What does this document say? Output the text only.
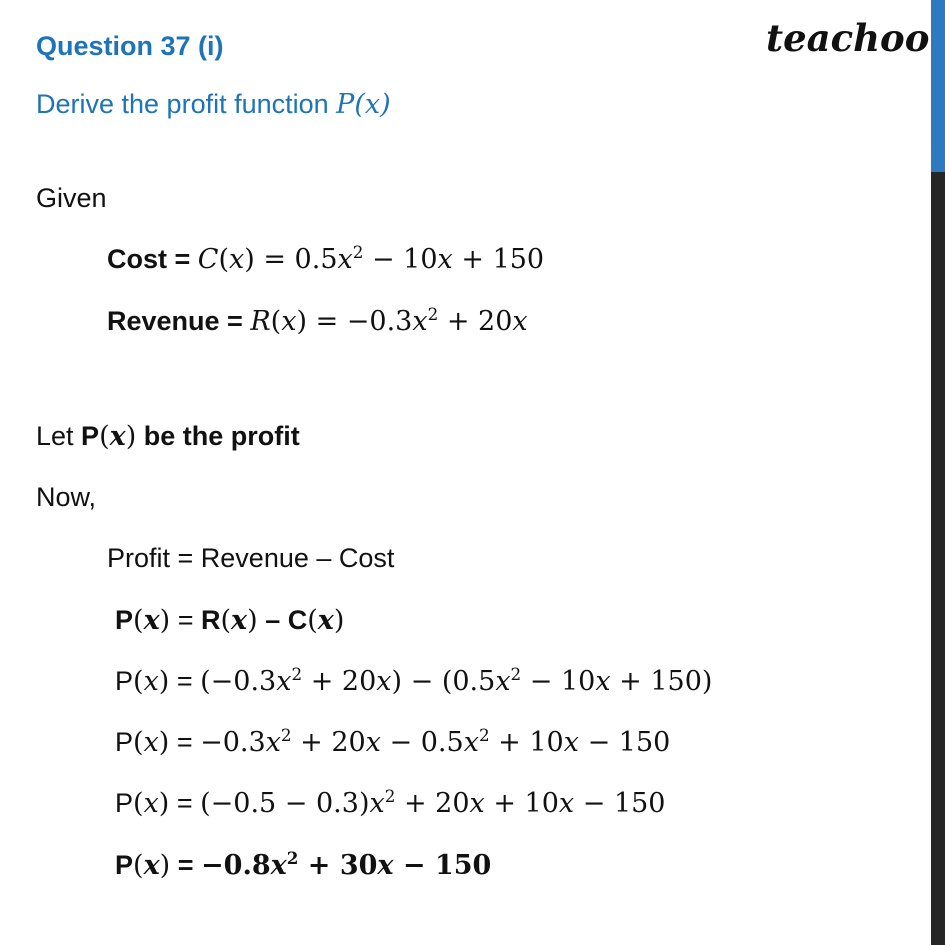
teachoo
Question 37 (i)
Derive the profit function P(x)
Given
Cost = $C(x) = 0.5x^2 - 10x + 150$
Revenue = $R(x) = -0.3x^2 + 20x$
Let P(x) be the profit
Now,
Profit = Revenue – Cost
P(x) = R(x) – C(x)
$P(x) = (-0.3x^2 + 20x) - (0.5x^2 - 10x + 150)$
$P(x) = -0.3x^2 + 20x - 0.5x^2 + 10x - 150$
$P(x) = (-0.5 - 0.3)x^2 + 20x + 10x - 150$
$P(x) = -0.8x^2 + 30x - 150$
